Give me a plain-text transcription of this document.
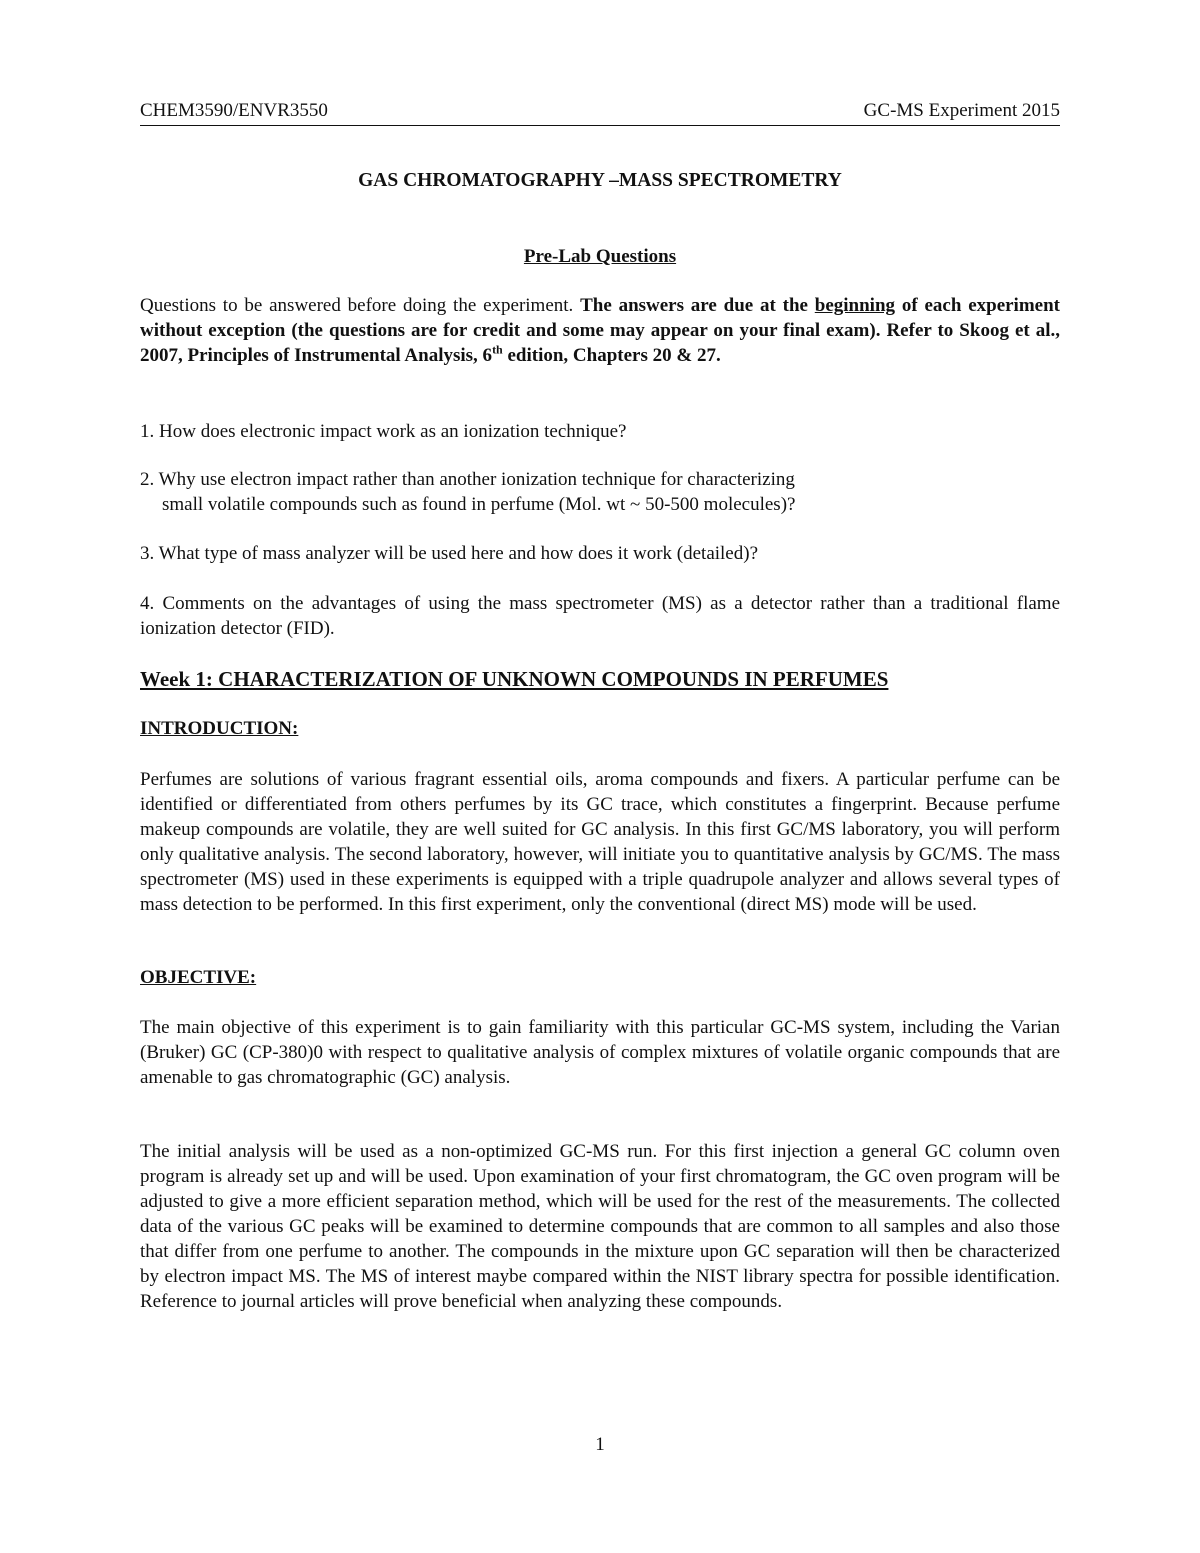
CHEM3590/ENVR3550	GC-MS Experiment 2015
GAS CHROMATOGRAPHY –MASS SPECTROMETRY
Pre-Lab Questions
Questions to be answered before doing the experiment. The answers are due at the beginning of each experiment without exception (the questions are for credit and some may appear on your final exam). Refer to Skoog et al., 2007, Principles of Instrumental Analysis, 6th edition, Chapters 20 & 27.
1. How does electronic impact work as an ionization technique?
2. Why use electron impact rather than another ionization technique for characterizing
small volatile compounds such as found in perfume (Mol. wt ~ 50-500 molecules)?
3. What type of mass analyzer will be used here and how does it work (detailed)?
4. Comments on the advantages of using the mass spectrometer (MS) as a detector rather than a traditional flame ionization detector (FID).
Week 1: CHARACTERIZATION OF UNKNOWN COMPOUNDS IN PERFUMES
INTRODUCTION:
Perfumes are solutions of various fragrant essential oils, aroma compounds and fixers. A particular perfume can be identified or differentiated from others perfumes by its GC trace, which constitutes a fingerprint. Because perfume makeup compounds are volatile, they are well suited for GC analysis. In this first GC/MS laboratory, you will perform only qualitative analysis. The second laboratory, however, will initiate you to quantitative analysis by GC/MS. The mass spectrometer (MS) used in these experiments is equipped with a triple quadrupole analyzer and allows several types of mass detection to be performed. In this first experiment, only the conventional (direct MS) mode will be used.
OBJECTIVE:
The main objective of this experiment is to gain familiarity with this particular GC-MS system, including the Varian (Bruker) GC (CP-380)0 with respect to qualitative analysis of complex mixtures of volatile organic compounds that are amenable to gas chromatographic (GC) analysis.
The initial analysis will be used as a non-optimized GC-MS run. For this first injection a general GC column oven program is already set up and will be used. Upon examination of your first chromatogram, the GC oven program will be adjusted to give a more efficient separation method, which will be used for the rest of the measurements. The collected data of the various GC peaks will be examined to determine compounds that are common to all samples and also those that differ from one perfume to another. The compounds in the mixture upon GC separation will then be characterized by electron impact MS. The MS of interest maybe compared within the NIST library spectra for possible identification. Reference to journal articles will prove beneficial when analyzing these compounds.
1
